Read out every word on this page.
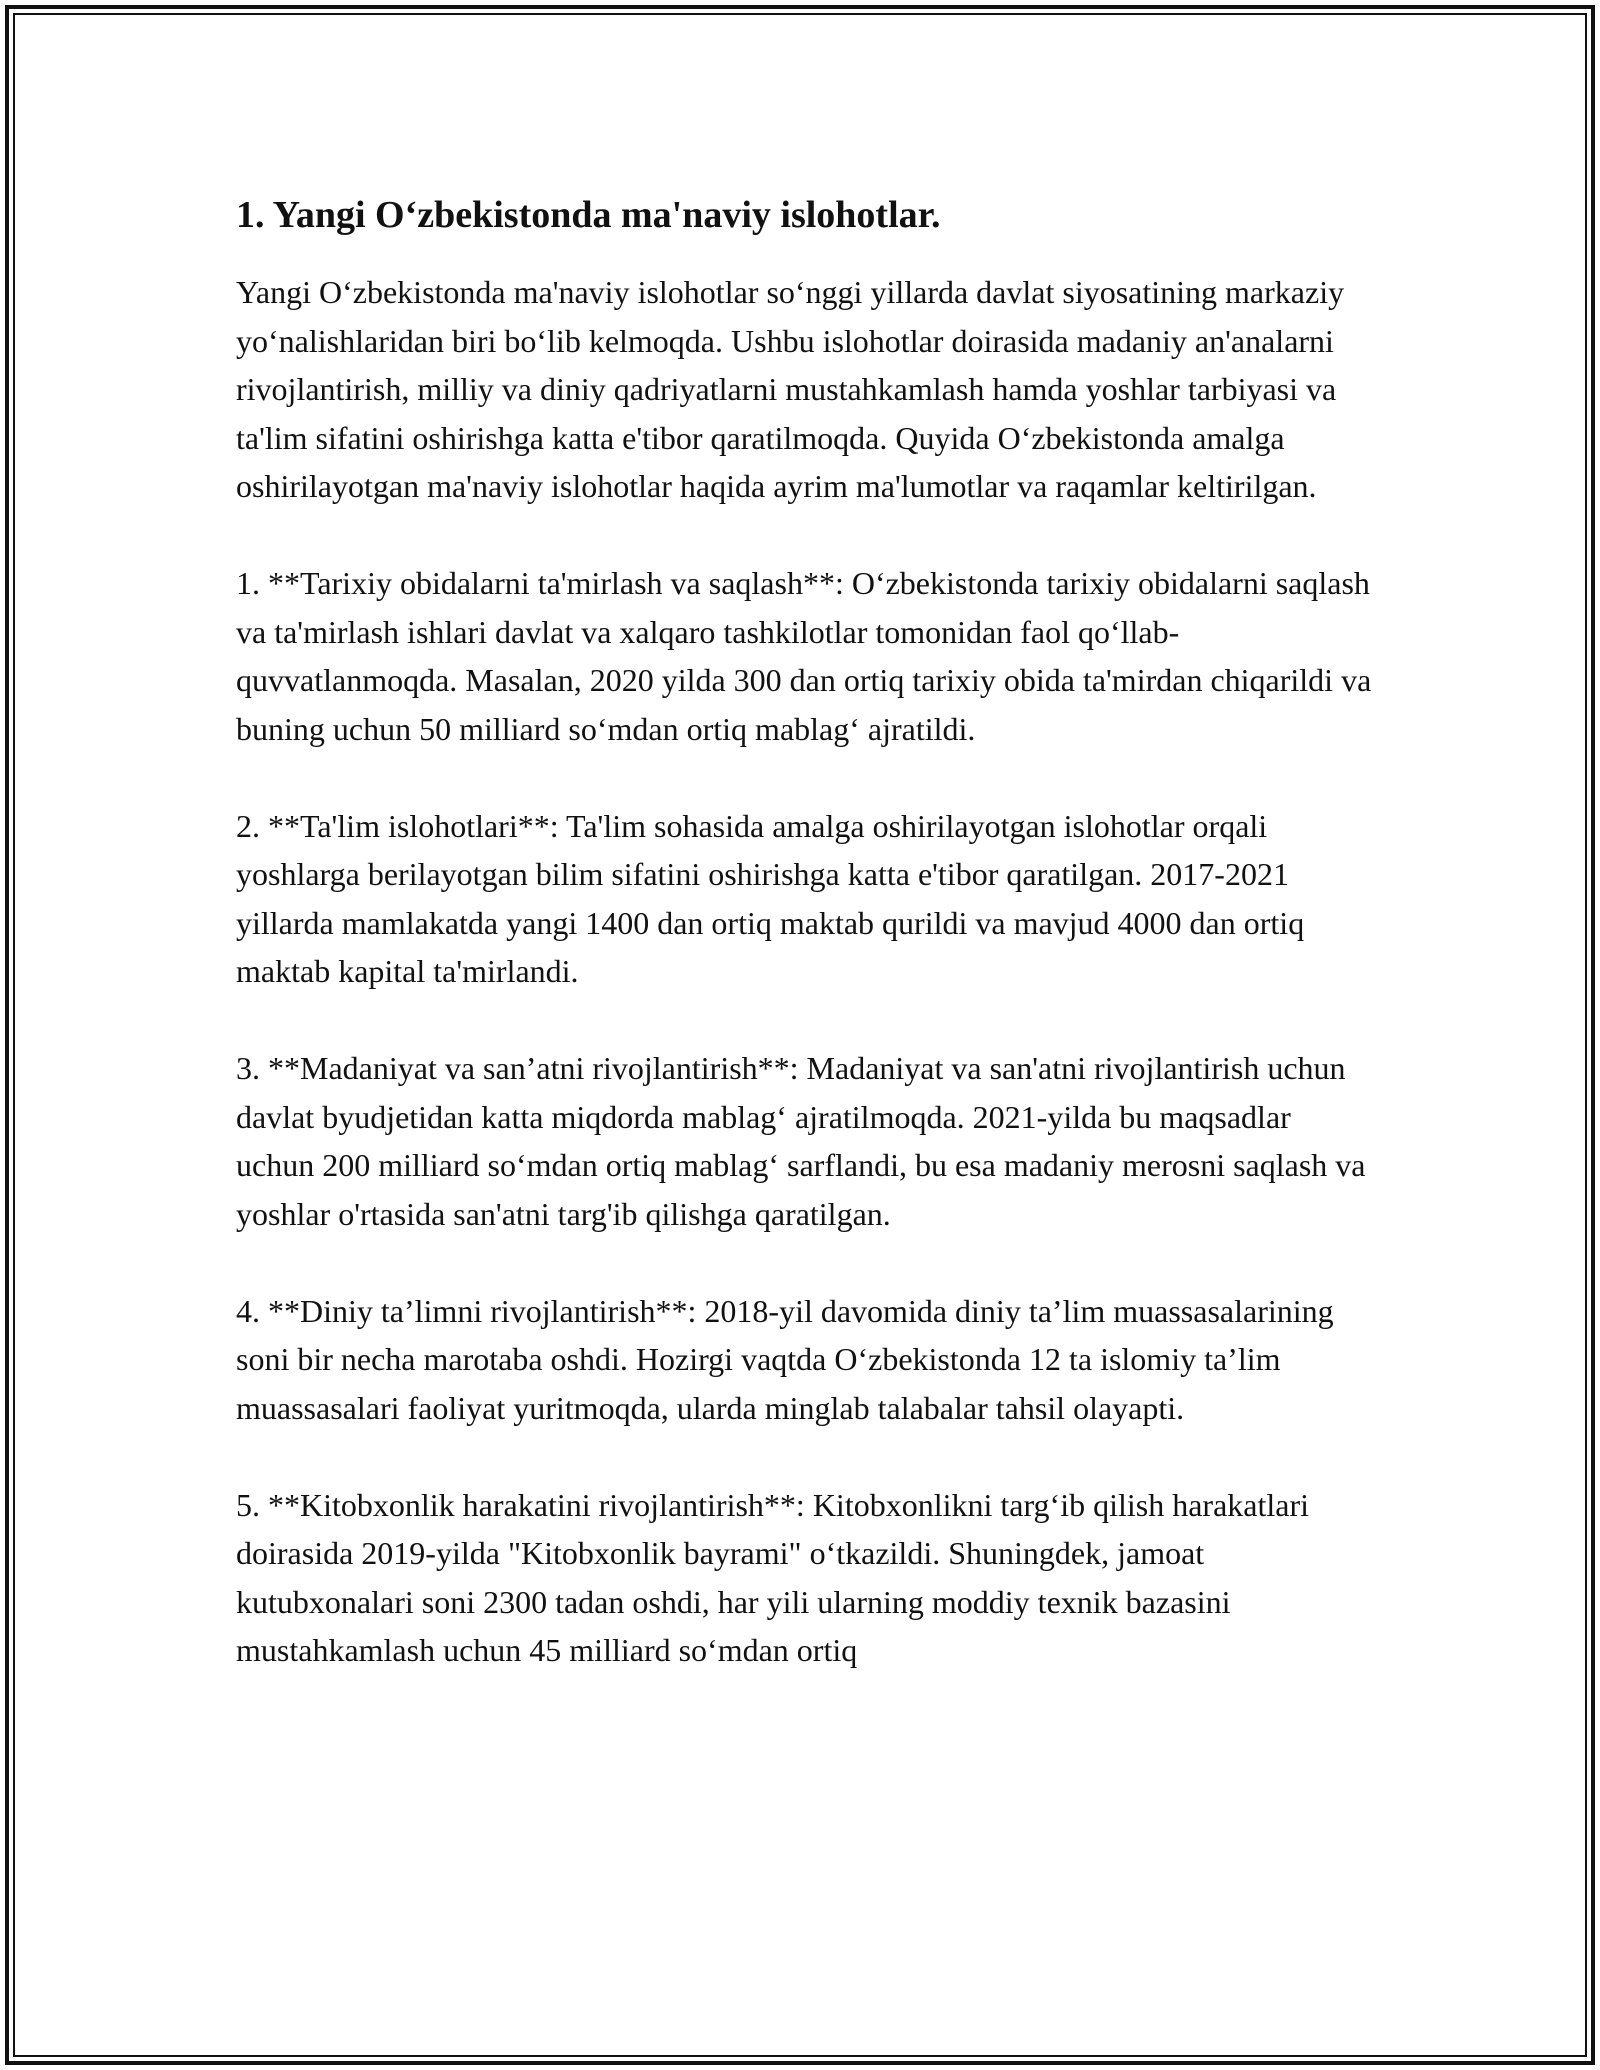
1. Yangi O‘zbekistonda ma'naviy islohotlar.

Yangi O‘zbekistonda ma'naviy islohotlar so‘nggi yillarda davlat siyosatining markaziy yo‘nalishlaridan biri bo‘lib kelmoqda. Ushbu islohotlar doirasida madaniy an'analarni rivojlantirish, milliy va diniy qadriyatlarni mustahkamlash hamda yoshlar tarbiyasi va ta'lim sifatini oshirishga katta e'tibor qaratilmoqda. Quyida O‘zbekistonda amalga oshirilayotgan ma'naviy islohotlar haqida ayrim ma'lumotlar va raqamlar keltirilgan.

1. **Tarixiy obidalarni ta'mirlash va saqlash**: O‘zbekistonda tarixiy obidalarni saqlash va ta'mirlash ishlari davlat va xalqaro tashkilotlar tomonidan faol qo‘llab-quvvatlanmoqda. Masalan, 2020 yilda 300 dan ortiq tarixiy obida ta'mirdan chiqarildi va buning uchun 50 milliard so‘mdan ortiq mablag‘ ajratildi.

2. **Ta'lim islohotlari**: Ta'lim sohasida amalga oshirilayotgan islohotlar orqali yoshlarga berilayotgan bilim sifatini oshirishga katta e'tibor qaratilgan. 2017-2021 yillarda mamlakatda yangi 1400 dan ortiq maktab qurildi va mavjud 4000 dan ortiq maktab kapital ta'mirlandi.

3. **Madaniyat va san’atni rivojlantirish**: Madaniyat va san'atni rivojlantirish uchun davlat byudjetidan katta miqdorda mablag‘ ajratilmoqda. 2021-yilda bu maqsadlar uchun 200 milliard so‘mdan ortiq mablag‘ sarflandi, bu esa madaniy merosni saqlash va yoshlar o'rtasida san'atni targ'ib qilishga qaratilgan.

4. **Diniy ta’limni rivojlantirish**: 2018-yil davomida diniy ta’lim muassasalarining soni bir necha marotaba oshdi. Hozirgi vaqtda O‘zbekistonda 12 ta islomiy ta’lim muassasalari faoliyat yuritmoqda, ularda minglab talabalar tahsil olayapti.

5. **Kitobxonlik harakatini rivojlantirish**: Kitobxonlikni targ‘ib qilish harakatlari doirasida 2019-yilda "Kitobxonlik bayrami" o‘tkazildi. Shuningdek, jamoat kutubxonalari soni 2300 tadan oshdi, har yili ularning moddiy texnik bazasini mustahkamlash uchun 45 milliard so‘mdan ortiq
